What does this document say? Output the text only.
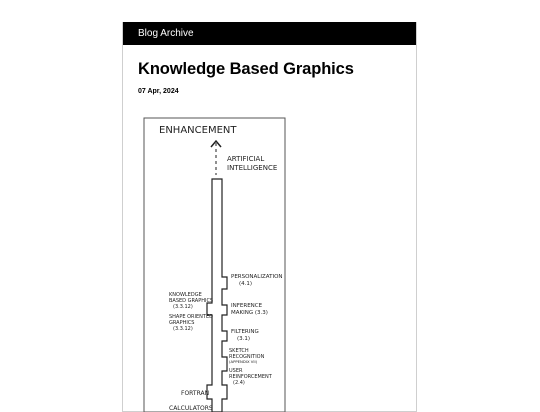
Blog Archive
Knowledge Based Graphics
07 Apr, 2024
ENHANCEMENT
ARTIFICIAL
INTELLIGENCE
PERSONALIZATION
(4.1)
INFERENCE
MAKING (3.3)
FILTERING
(3.1)
SKETCH
RECOGNITION
(APPENDIX VII)
USER
REINFORCEMENT
(2.4)
KNOWLEDGE
BASED GRAPHICS
(3.3.12)
SHAPE ORIENTED
GRAPHICS
(3.3.12)
FORTRAN
CALCULATORS
